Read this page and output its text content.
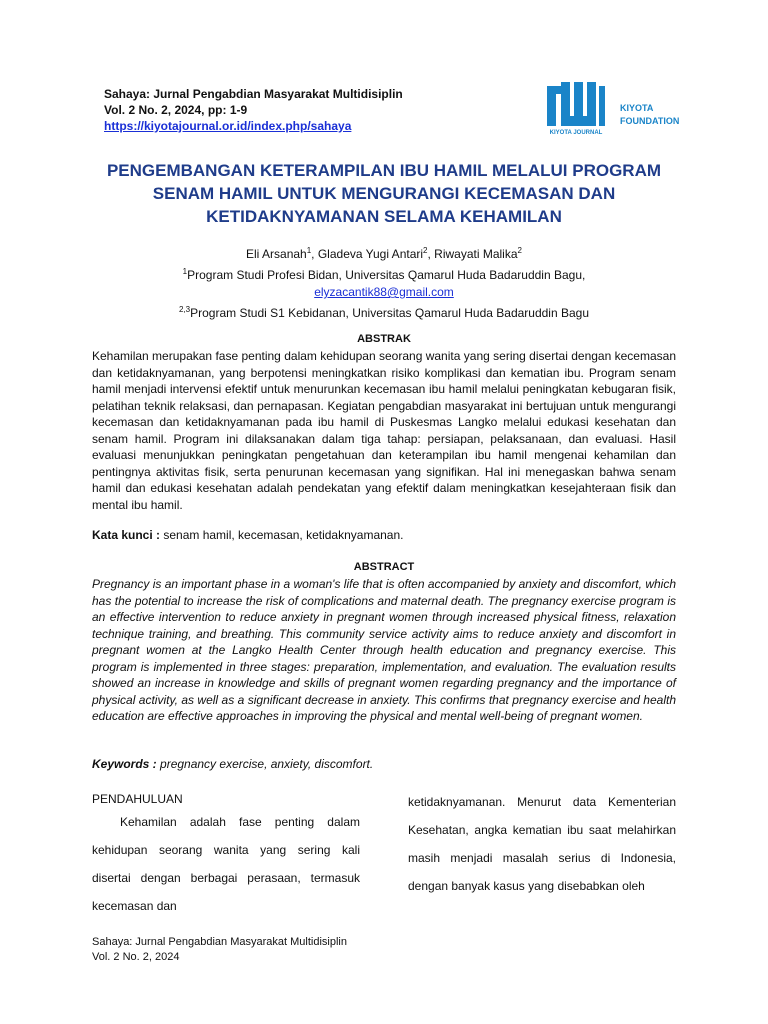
Sahaya: Jurnal Pengabdian Masyarakat Multidisiplin
Vol. 2 No. 2, 2024, pp: 1-9
https://kiyotajournal.or.id/index.php/sahaya	KIYOTA JOURNAL
KIYOTA
FOUNDATION
PENGEMBANGAN KETERAMPILAN IBU HAMIL MELALUI PROGRAM
SENAM HAMIL UNTUK MENGURANGI KECEMASAN DAN
KETIDAKNYAMANAN SELAMA KEHAMILAN
Eli Arsanah$^1$, Gladeva Yugi Antari$^2$, Riwayati Malika$^2$
$^1$Program Studi Profesi Bidan, Universitas Qamarul Huda Badaruddin Bagu,
elyzacantik88@gmail.com
$^{2,3}$Program Studi S1 Kebidanan, Universitas Qamarul Huda Badaruddin Bagu
ABSTRAK
Kehamilan merupakan fase penting dalam kehidupan seorang wanita yang sering disertai dengan kecemasan dan ketidaknyamanan, yang berpotensi meningkatkan risiko komplikasi dan kematian ibu. Program senam hamil menjadi intervensi efektif untuk menurunkan kecemasan ibu hamil melalui peningkatan kebugaran fisik, pelatihan teknik relaksasi, dan pernapasan. Kegiatan pengabdian masyarakat ini bertujuan untuk mengurangi kecemasan dan ketidaknyamanan pada ibu hamil di Puskesmas Langko melalui edukasi kesehatan dan senam hamil. Program ini dilaksanakan dalam tiga tahap: persiapan, pelaksanaan, dan evaluasi. Hasil evaluasi menunjukkan peningkatan pengetahuan dan keterampilan ibu hamil mengenai kehamilan dan pentingnya aktivitas fisik, serta penurunan kecemasan yang signifikan. Hal ini menegaskan bahwa senam hamil dan edukasi kesehatan adalah pendekatan yang efektif dalam meningkatkan kesejahteraan fisik dan mental ibu hamil.
Kata kunci : senam hamil, kecemasan, ketidaknyamanan.
ABSTRACT
Pregnancy is an important phase in a woman's life that is often accompanied by anxiety and discomfort, which has the potential to increase the risk of complications and maternal death. The pregnancy exercise program is an effective intervention to reduce anxiety in pregnant women through increased physical fitness, relaxation technique training, and breathing. This community service activity aims to reduce anxiety and discomfort in pregnant women at the Langko Health Center through health education and pregnancy exercise. This program is implemented in three stages: preparation, implementation, and evaluation. The evaluation results showed an increase in knowledge and skills of pregnant women regarding pregnancy and the importance of physical activity, as well as a significant decrease in anxiety. This confirms that pregnancy exercise and health education are effective approaches in improving the physical and mental well-being of pregnant women.
Keywords : pregnancy exercise, anxiety, discomfort.
PENDAHULUAN
Kehamilan adalah fase penting dalam kehidupan seorang wanita yang sering kali disertai dengan berbagai perasaan, termasuk kecemasan dan
ketidaknyamanan. Menurut data Kementerian Kesehatan, angka kematian ibu saat melahirkan masih menjadi masalah serius di Indonesia, dengan banyak kasus yang disebabkan oleh
Sahaya: Jurnal Pengabdian Masyarakat Multidisiplin
Vol. 2 No. 2, 2024
